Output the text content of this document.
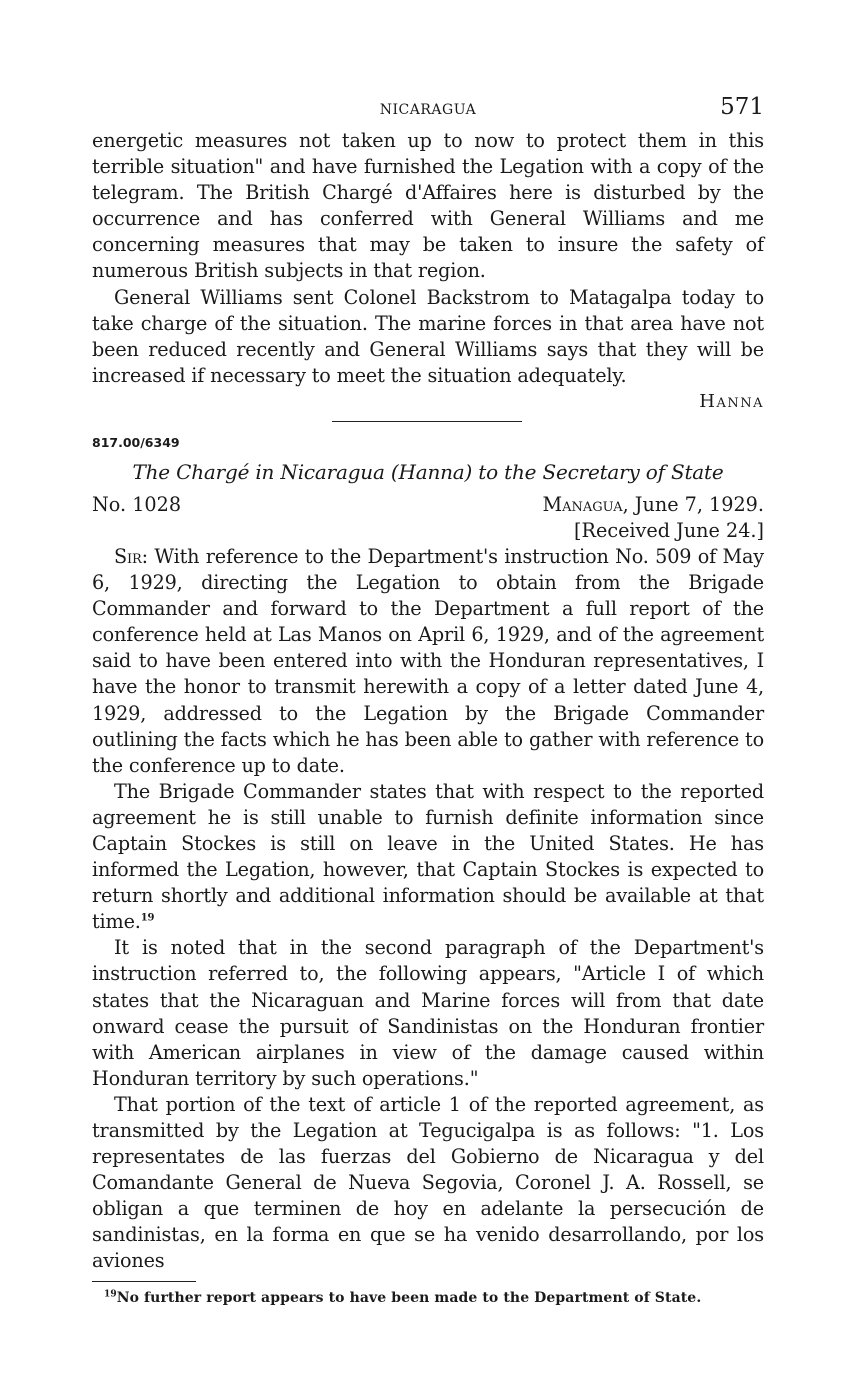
NICARAGUA	571

energetic measures not taken up to now to protect them in this terrible situation" and have furnished the Legation with a copy of the telegram. The British Chargé d'Affaires here is disturbed by the occurrence and has conferred with General Williams and me concerning measures that may be taken to insure the safety of numerous British subjects in that region.

General Williams sent Colonel Backstrom to Matagalpa today to take charge of the situation. The marine forces in that area have not been reduced recently and General Williams says that they will be increased if necessary to meet the situation adequately.

Hanna
817.00/6349
The Chargé in Nicaragua (Hanna) to the Secretary of State
No. 1028	Managua, June 7, 1929.
[Received June 24.]

Sir: With reference to the Department's instruction No. 509 of May 6, 1929, directing the Legation to obtain from the Brigade Commander and forward to the Department a full report of the conference held at Las Manos on April 6, 1929, and of the agreement said to have been entered into with the Honduran representatives, I have the honor to transmit herewith a copy of a letter dated June 4, 1929, addressed to the Legation by the Brigade Commander outlining the facts which he has been able to gather with reference to the conference up to date.

The Brigade Commander states that with respect to the reported agreement he is still unable to furnish definite information since Captain Stockes is still on leave in the United States. He has informed the Legation, however, that Captain Stockes is expected to return shortly and additional information should be available at that time.$^{19}$

It is noted that in the second paragraph of the Department's instruction referred to, the following appears, "Article I of which states that the Nicaraguan and Marine forces will from that date onward cease the pursuit of Sandinistas on the Honduran frontier with American airplanes in view of the damage caused within Honduran territory by such operations."

That portion of the text of article 1 of the reported agreement, as transmitted by the Legation at Tegucigalpa is as follows: "1. Los representates de las fuerzas del Gobierno de Nicaragua y del Comandante General de Nueva Segovia, Coronel J. A. Rossell, se obligan a que terminen de hoy en adelante la persecución de sandinistas, en la forma en que se ha venido desarrollando, por los aviones

$^{19}$No further report appears to have been made to the Department of State.
